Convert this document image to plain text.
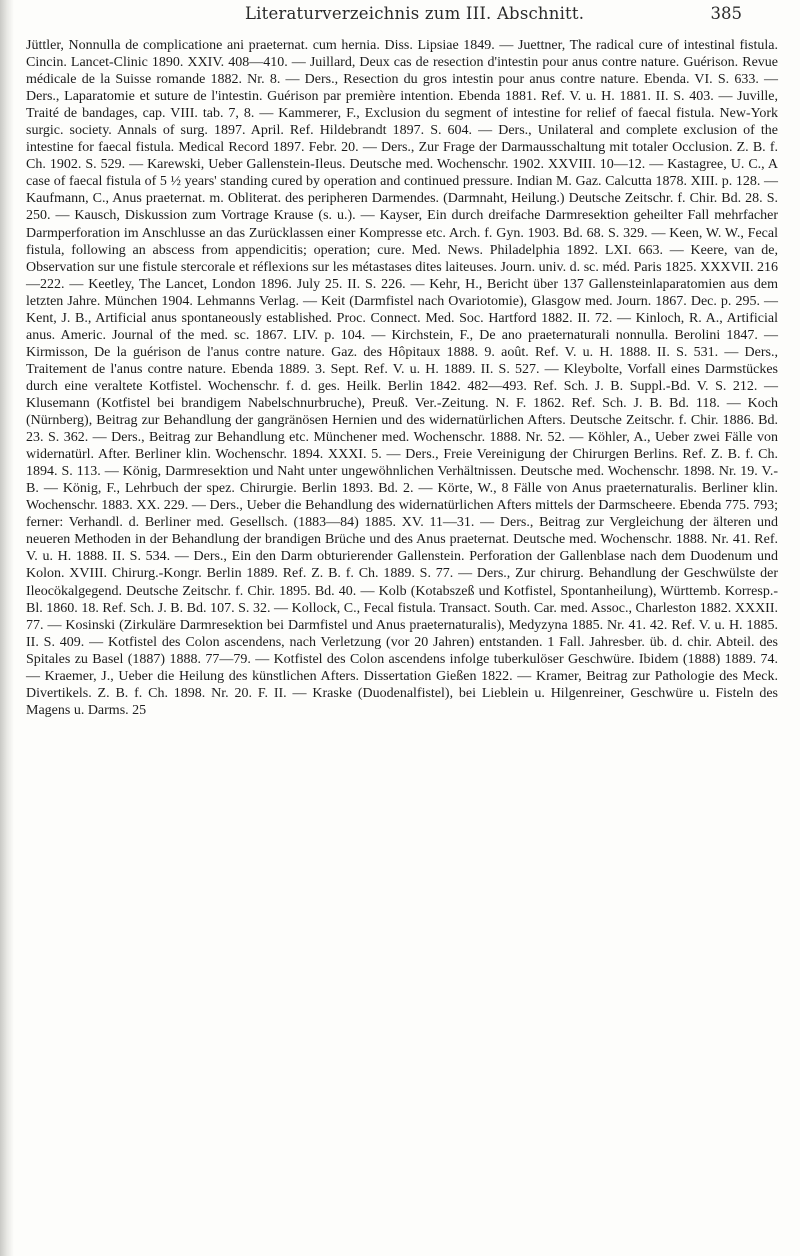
Literaturverzeichnis zum III. Abschnitt.	385

Jüttler, Nonnulla de complicatione ani praeternat. cum hernia. Diss. Lipsiae 1849. — Juettner, The radical cure of intestinal fistula. Cincin. Lancet-Clinic 1890. XXIV. 408—410. — Juillard, Deux cas de resection d'intestin pour anus contre nature. Guérison. Revue médicale de la Suisse romande 1882. Nr. 8. — Ders., Resection du gros intestin pour anus contre nature. Ebenda. VI. S. 633. — Ders., Laparatomie et suture de l'intestin. Guérison par première intention. Ebenda 1881. Ref. V. u. H. 1881. II. S. 403. — Juville, Traité de bandages, cap. VIII. tab. 7, 8. — Kammerer, F., Exclusion du segment of intestine for relief of faecal fistula. New-York surgic. society. Annals of surg. 1897. April. Ref. Hildebrandt 1897. S. 604. — Ders., Unilateral and complete exclusion of the intestine for faecal fistula. Medical Record 1897. Febr. 20. — Ders., Zur Frage der Darmausschaltung mit totaler Occlusion. Z. B. f. Ch. 1902. S. 529. — Karewski, Ueber Gallenstein-Ileus. Deutsche med. Wochenschr. 1902. XXVIII. 10—12. — Kastagree, U. C., A case of faecal fistula of 5 ½ years' standing cured by operation and continued pressure. Indian M. Gaz. Calcutta 1878. XIII. p. 128. — Kaufmann, C., Anus praeternat. m. Obliterat. des peripheren Darmendes. (Darmnaht, Heilung.) Deutsche Zeitschr. f. Chir. Bd. 28. S. 250. — Kausch, Diskussion zum Vortrage Krause (s. u.). — Kayser, Ein durch dreifache Darmresektion geheilter Fall mehrfacher Darmperforation im Anschlusse an das Zurücklassen einer Kompresse etc. Arch. f. Gyn. 1903. Bd. 68. S. 329. — Keen, W. W., Fecal fistula, following an abscess from appendicitis; operation; cure. Med. News. Philadelphia 1892. LXI. 663. — Keere, van de, Observation sur une fistule stercorale et réflexions sur les métastases dites laiteuses. Journ. univ. d. sc. méd. Paris 1825. XXXVII. 216—222. — Keetley, The Lancet, London 1896. July 25. II. S. 226. — Kehr, H., Bericht über 137 Gallensteinlaparatomien aus dem letzten Jahre. München 1904. Lehmanns Verlag. — Keit (Darmfistel nach Ovariotomie), Glasgow med. Journ. 1867. Dec. p. 295. — Kent, J. B., Artificial anus spontaneously established. Proc. Connect. Med. Soc. Hartford 1882. II. 72. — Kinloch, R. A., Artificial anus. Americ. Journal of the med. sc. 1867. LIV. p. 104. — Kirchstein, F., De ano praeternaturali nonnulla. Berolini 1847. — Kirmisson, De la guérison de l'anus contre nature. Gaz. des Hôpitaux 1888. 9. août. Ref. V. u. H. 1888. II. S. 531. — Ders., Traitement de l'anus contre nature. Ebenda 1889. 3. Sept. Ref. V. u. H. 1889. II. S. 527. — Kleybolte, Vorfall eines Darmstückes durch eine veraltete Kotfistel. Wochenschr. f. d. ges. Heilk. Berlin 1842. 482—493. Ref. Sch. J. B. Suppl.-Bd. V. S. 212. — Klusemann (Kotfistel bei brandigem Nabelschnurbruche), Preuß. Ver.-Zeitung. N. F. 1862. Ref. Sch. J. B. Bd. 118. — Koch (Nürnberg), Beitrag zur Behandlung der gangränösen Hernien und des widernatürlichen Afters. Deutsche Zeitschr. f. Chir. 1886. Bd. 23. S. 362. — Ders., Beitrag zur Behandlung etc. Münchener med. Wochenschr. 1888. Nr. 52. — Köhler, A., Ueber zwei Fälle von widernatürl. After. Berliner klin. Wochenschr. 1894. XXXI. 5. — Ders., Freie Vereinigung der Chirurgen Berlins. Ref. Z. B. f. Ch. 1894. S. 113. — König, Darmresektion und Naht unter ungewöhnlichen Verhältnissen. Deutsche med. Wochenschr. 1898. Nr. 19. V.-B. — König, F., Lehrbuch der spez. Chirurgie. Berlin 1893. Bd. 2. — Körte, W., 8 Fälle von Anus praeternaturalis. Berliner klin. Wochenschr. 1883. XX. 229. — Ders., Ueber die Behandlung des widernatürlichen Afters mittels der Darmscheere. Ebenda 775. 793; ferner: Verhandl. d. Berliner med. Gesellsch. (1883—84) 1885. XV. 11—31. — Ders., Beitrag zur Vergleichung der älteren und neueren Methoden in der Behandlung der brandigen Brüche und des Anus praeternat. Deutsche med. Wochenschr. 1888. Nr. 41. Ref. V. u. H. 1888. II. S. 534. — Ders., Ein den Darm obturierender Gallenstein. Perforation der Gallenblase nach dem Duodenum und Kolon. XVIII. Chirurg.-Kongr. Berlin 1889. Ref. Z. B. f. Ch. 1889. S. 77. — Ders., Zur chirurg. Behandlung der Geschwülste der Ileocökalgegend. Deutsche Zeitschr. f. Chir. 1895. Bd. 40. — Kolb (Kotabszeß und Kotfistel, Spontanheilung), Württemb. Korresp.-Bl. 1860. 18. Ref. Sch. J. B. Bd. 107. S. 32. — Kollock, C., Fecal fistula. Transact. South. Car. med. Assoc., Charleston 1882. XXXII. 77. — Kosinski (Zirkuläre Darmresektion bei Darmfistel und Anus praeternaturalis), Medyzyna 1885. Nr. 41. 42. Ref. V. u. H. 1885. II. S. 409. — Kotfistel des Colon ascendens, nach Verletzung (vor 20 Jahren) entstanden. 1 Fall. Jahresber. üb. d. chir. Abteil. des Spitales zu Basel (1887) 1888. 77—79. — Kotfistel des Colon ascendens infolge tuberkulöser Geschwüre. Ibidem (1888) 1889. 74. — Kraemer, J., Ueber die Heilung des künstlichen Afters. Dissertation Gießen 1822. — Kramer, Beitrag zur Pathologie des Meck. Divertikels. Z. B. f. Ch. 1898. Nr. 20. F. II. — Kraske (Duodenalfistel), bei Lieblein u. Hilgenreiner, Geschwüre u. Fisteln des Magens u. Darms. 25
